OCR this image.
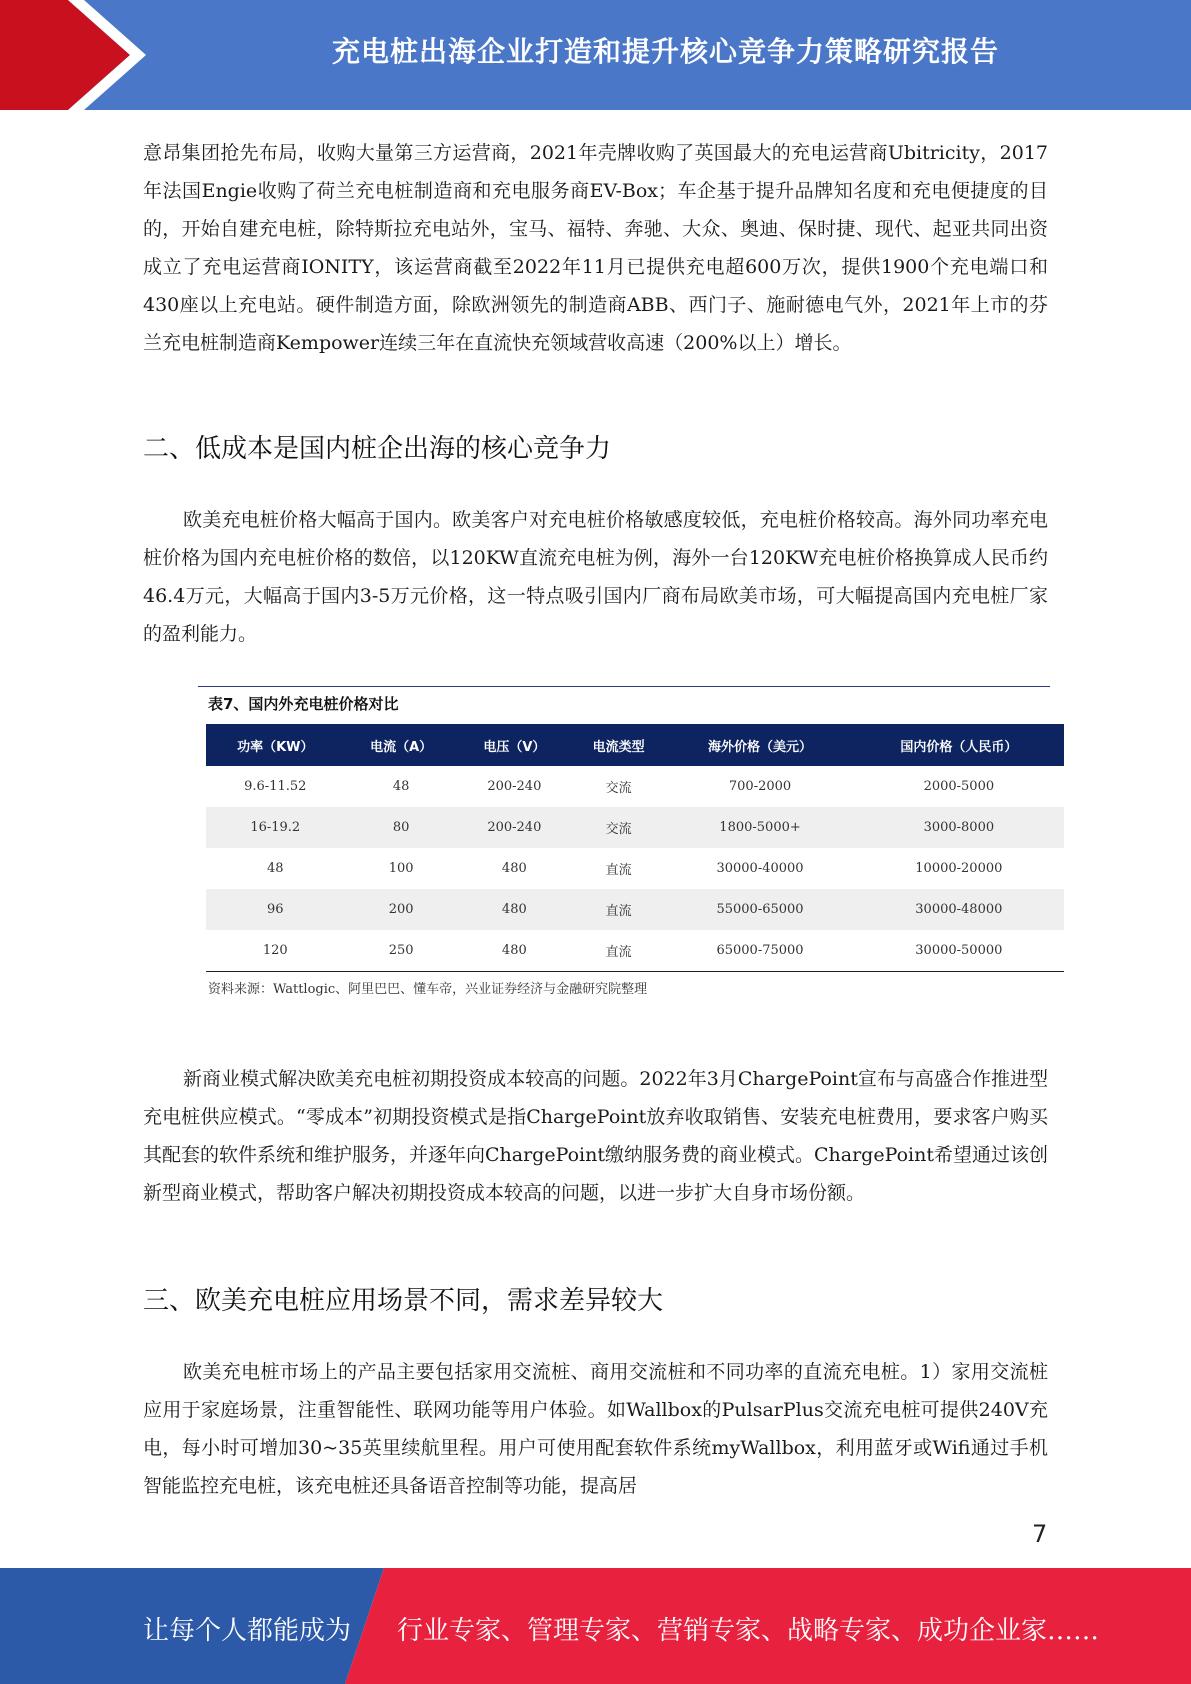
充电桩出海企业打造和提升核心竞争力策略研究报告

意昂集团抢先布局，收购大量第三方运营商，2021年壳牌收购了英国最大的充电运营商Ubitricity，2017年法国Engie收购了荷兰充电桩制造商和充电服务商EV-Box；车企基于提升品牌知名度和充电便捷度的目的，开始自建充电桩，除特斯拉充电站外，宝马、福特、奔驰、大众、奥迪、保时捷、现代、起亚共同出资成立了充电运营商IONITY，该运营商截至2022年11月已提供充电超600万次，提供1900个充电端口和430座以上充电站。硬件制造方面，除欧洲领先的制造商ABB、西门子、施耐德电气外，2021年上市的芬兰充电桩制造商Kempower连续三年在直流快充领域营收高速（200%以上）增长。

二、低成本是国内桩企出海的核心竞争力

欧美充电桩价格大幅高于国内。欧美客户对充电桩价格敏感度较低，充电桩价格较高。海外同功率充电桩价格为国内充电桩价格的数倍，以120KW直流充电桩为例，海外一台120KW充电桩价格换算成人民币约46.4万元，大幅高于国内3-5万元价格，这一特点吸引国内厂商布局欧美市场，可大幅提高国内充电桩厂家的盈利能力。

表7、国内外充电桩价格对比
功率（KW）	电流（A）	电压（V）	电流类型	海外价格（美元）	国内价格（人民币）
9.6-11.52	48	200-240	交流	700-2000	2000-5000
16-19.2	80	200-240	交流	1800-5000+	3000-8000
48	100	480	直流	30000-40000	10000-20000
96	200	480	直流	55000-65000	30000-48000
120	250	480	直流	65000-75000	30000-50000
资料来源：Wattlogic、阿里巴巴、懂车帝，兴业证券经济与金融研究院整理

新商业模式解决欧美充电桩初期投资成本较高的问题。2022年3月ChargePoint宣布与高盛合作推进型充电桩供应模式。“零成本”初期投资模式是指ChargePoint放弃收取销售、安装充电桩费用，要求客户购买其配套的软件系统和维护服务，并逐年向ChargePoint缴纳服务费的商业模式。ChargePoint希望通过该创新型商业模式，帮助客户解决初期投资成本较高的问题，以进一步扩大自身市场份额。

三、欧美充电桩应用场景不同，需求差异较大

欧美充电桩市场上的产品主要包括家用交流桩、商用交流桩和不同功率的直流充电桩。1）家用交流桩应用于家庭场景，注重智能性、联网功能等用户体验。如Wallbox的PulsarPlus交流充电桩可提供240V充电，每小时可增加30~35英里续航里程。用户可使用配套软件系统myWallbox，利用蓝牙或Wifi通过手机智能监控充电桩，该充电桩还具备语音控制等功能，提高居

7
让每个人都能成为 行业专家、管理专家、营销专家、战略专家、成功企业家……
